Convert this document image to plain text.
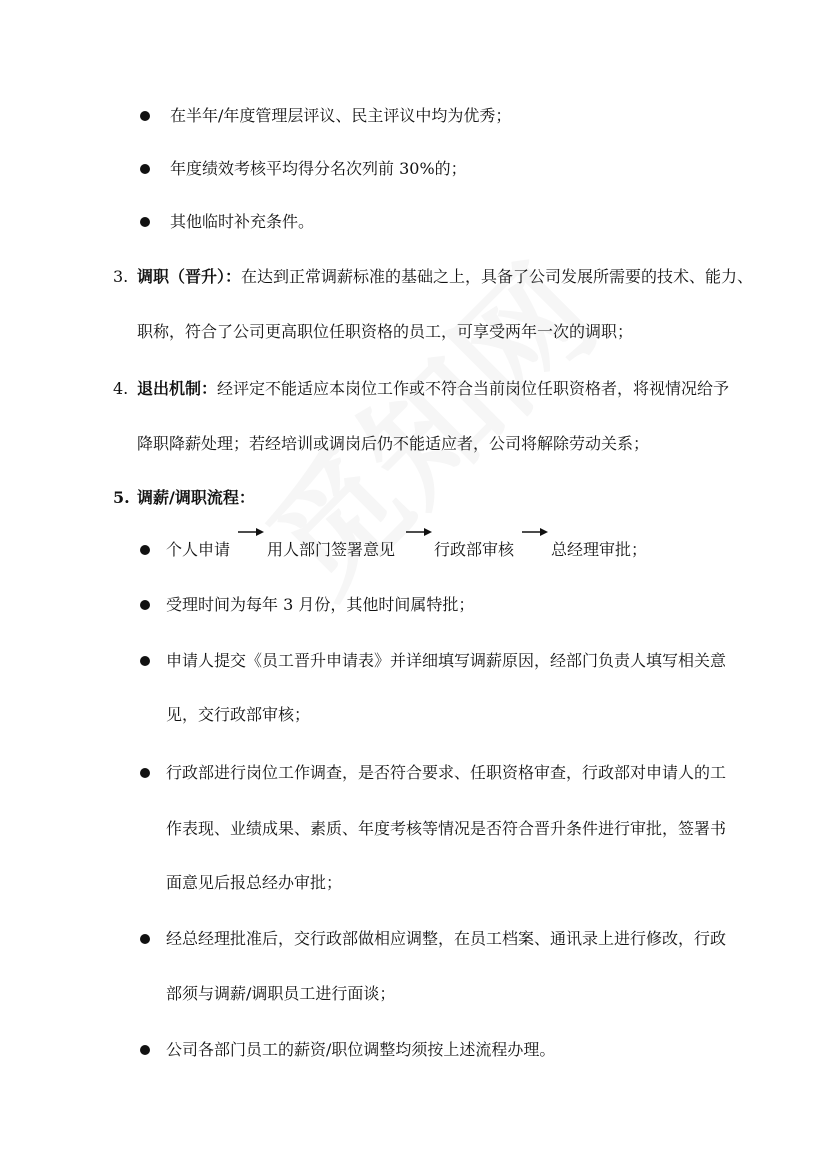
在半年/年度管理层评议、民主评议中均为优秀；
年度绩效考核平均得分名次列前 30%的；
其他临时补充条件。
3. 调职（晋升）：在达到正常调薪标准的基础之上，具备了公司发展所需要的技术、能力、
职称，符合了公司更高职位任职资格的员工，可享受两年一次的调职；
4. 退出机制：经评定不能适应本岗位工作或不符合当前岗位任职资格者，将视情况给予
降职降薪处理；若经培训或调岗后仍不能适应者，公司将解除劳动关系；
5. 调薪/调职流程：
个人申请 用人部门签署意见 行政部审核 总经理审批；
受理时间为每年 3 月份，其他时间属特批；
申请人提交《员工晋升申请表》并详细填写调薪原因，经部门负责人填写相关意
见，交行政部审核；
行政部进行岗位工作调查，是否符合要求、任职资格审查，行政部对申请人的工
作表现、业绩成果、素质、年度考核等情况是否符合晋升条件进行审批，签署书
面意见后报总经办审批；
经总经理批准后，交行政部做相应调整，在员工档案、通讯录上进行修改，行政
部须与调薪/调职员工进行面谈；
公司各部门员工的薪资/职位调整均须按上述流程办理。
